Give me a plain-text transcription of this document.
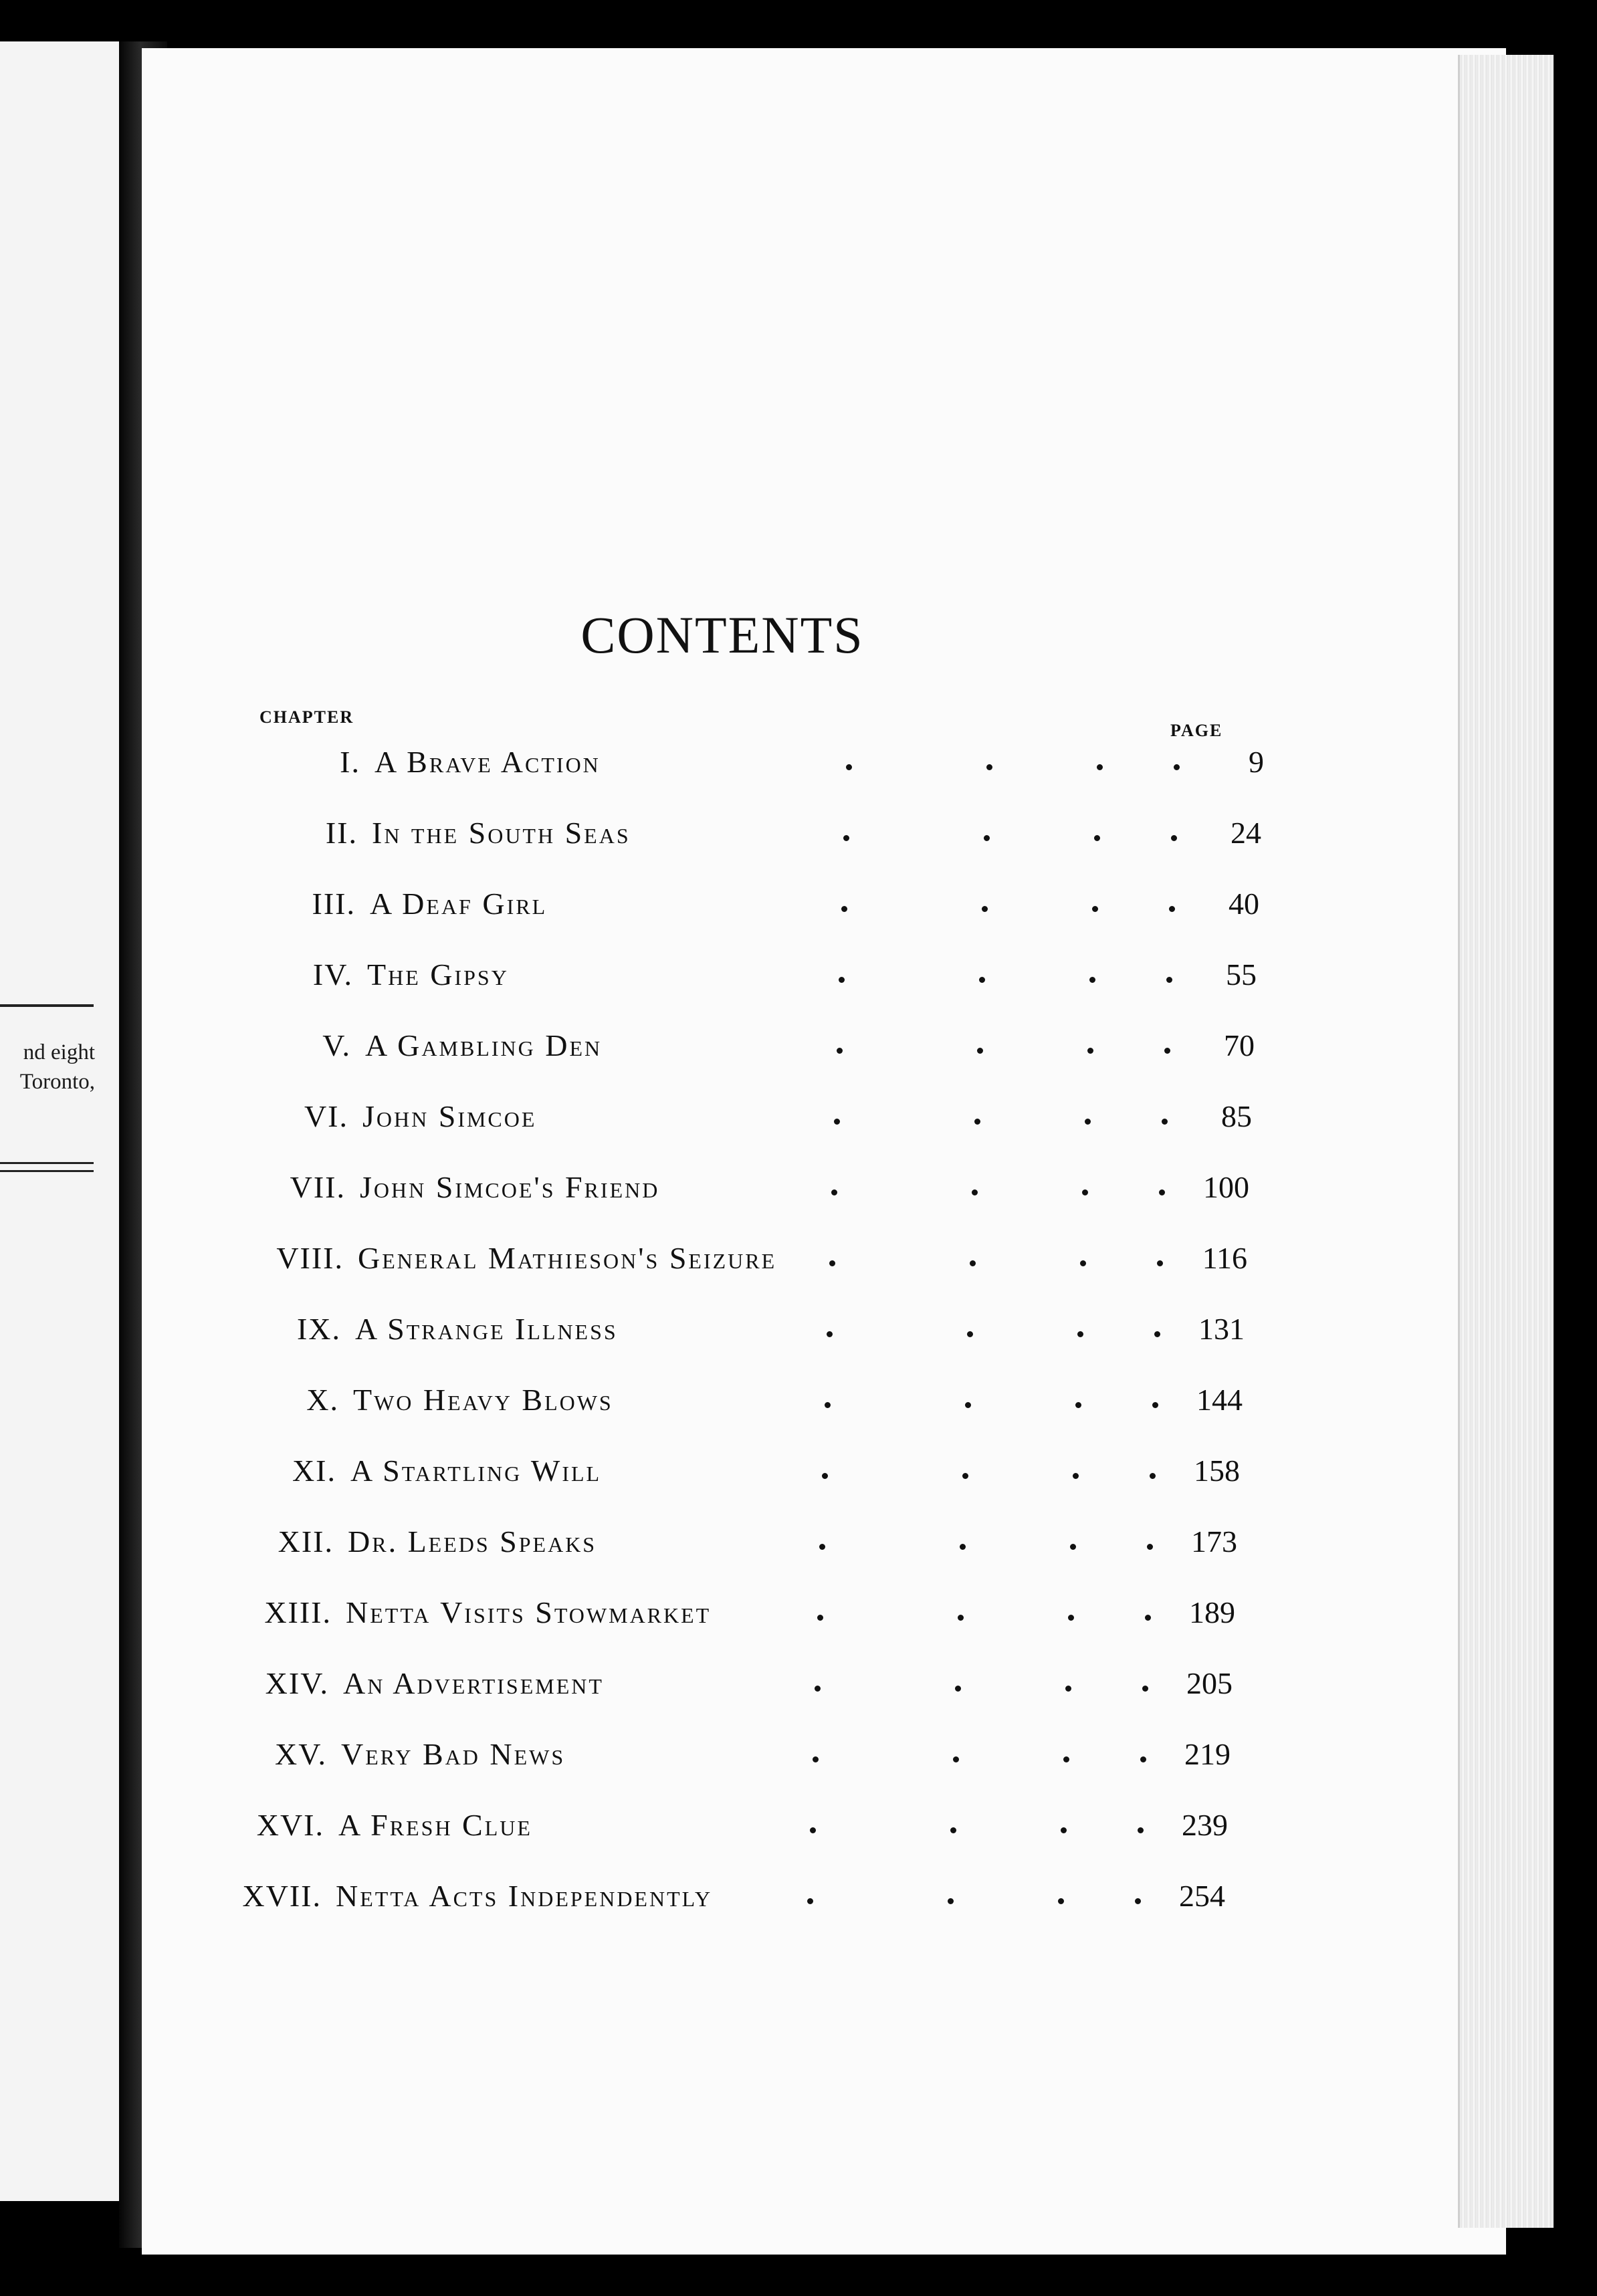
nd eight
Toronto,
CONTENTS
CHAPTER
PAGE
I. A Brave Action	9
II. In the South Seas	24
III. A Deaf Girl	40
IV. The Gipsy	55
V. A Gambling Den	70
VI. John Simcoe	85
VII. John Simcoe's Friend	100
VIII. General Mathieson's Seizure	116
IX. A Strange Illness	131
X. Two Heavy Blows	144
XI. A Startling Will	158
XII. Dr. Leeds Speaks	173
XIII. Netta Visits Stowmarket	189
XIV. An Advertisement	205
XV. Very Bad News	219
XVI. A Fresh Clue	239
XVII. Netta Acts Independently	254
